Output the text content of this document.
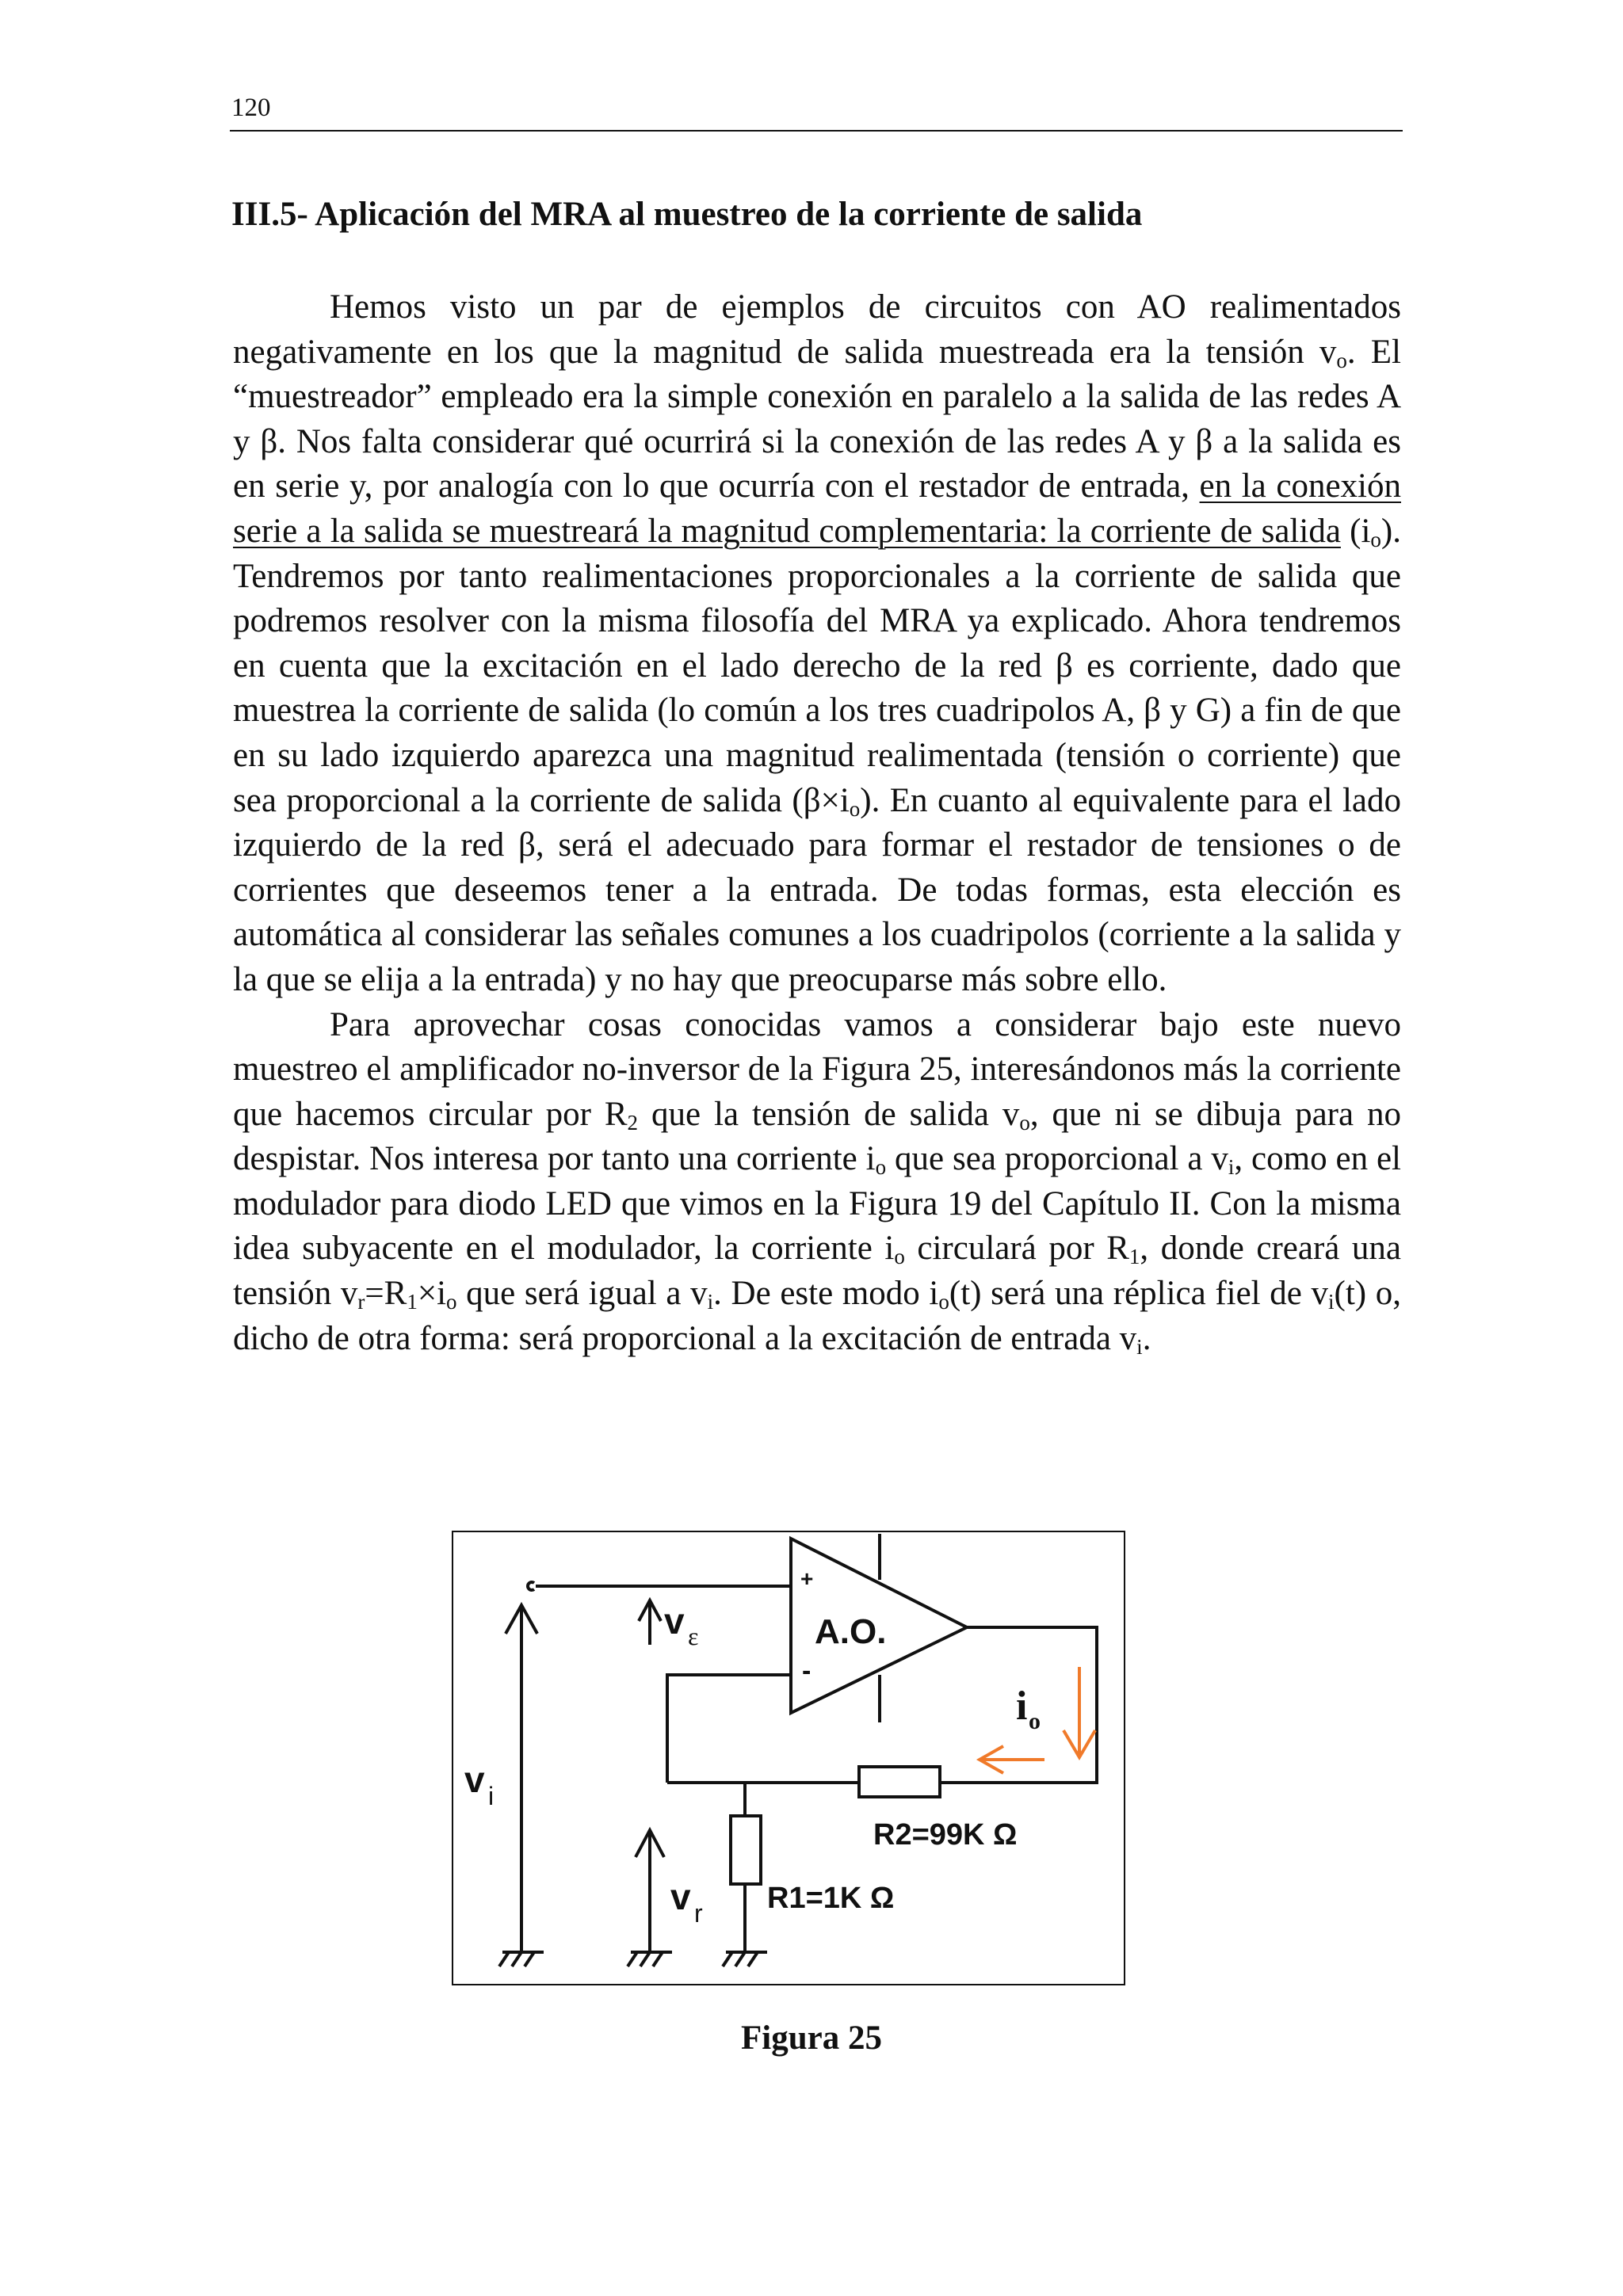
120
III.5- Aplicación del MRA al muestreo de la corriente de salida

Hemos visto un par de ejemplos de circuitos con AO realimentados negativamente en los que la magnitud de salida muestreada era la tensión $v_o$. El “muestreador” empleado era la simple conexión en paralelo a la salida de las redes A y β. Nos falta considerar qué ocurrirá si la conexión de las redes A y β a la salida es en serie y, por analogía con lo que ocurría con el restador de entrada, en la conexión serie a la salida se muestreará la magnitud complementaria: la corriente de salida $(i_o)$. Tendremos por tanto realimentaciones proporcionales a la corriente de salida que podremos resolver con la misma filosofía del MRA ya explicado. Ahora tendremos en cuenta que la excitación en el lado derecho de la red β es corriente, dado que muestrea la corriente de salida (lo común a los tres cuadripolos A, β y G) a fin de que en su lado izquierdo aparezca una magnitud realimentada (tensión o corriente) que sea proporcional a la corriente de salida $(\beta\times i_o)$. En cuanto al equivalente para el lado izquierdo de la red β, será el adecuado para formar el restador de tensiones o de corrientes que deseemos tener a la entrada. De todas formas, esta elección es automática al considerar las señales comunes a los cuadripolos (corriente a la salida y la que se elija a la entrada) y no hay que preocuparse más sobre ello.

Para aprovechar cosas conocidas vamos a considerar bajo este nuevo muestreo el amplificador no-inversor de la Figura 25, interesándonos más la corriente que hacemos circular por $R_2$ que la tensión de salida $v_o$, que ni se dibuja para no despistar. Nos interesa por tanto una corriente $i_o$ que sea proporcional a $v_i$, como en el modulador para diodo LED que vimos en la Figura 19 del Capítulo II. Con la misma idea subyacente en el modulador, la corriente $i_o$ circulará por $R_1$, donde creará una tensión $v_r=R_1\times i_o$ que será igual a $v_i$. De este modo $i_o(t)$ será una réplica fiel de $v_i(t)$ o, dicho de otra forma: será proporcional a la excitación de entrada $v_i$.

+
-
A.O.
v ε
v i
v r
i o
R2=99K Ω
R1=1K Ω
Figura 25
